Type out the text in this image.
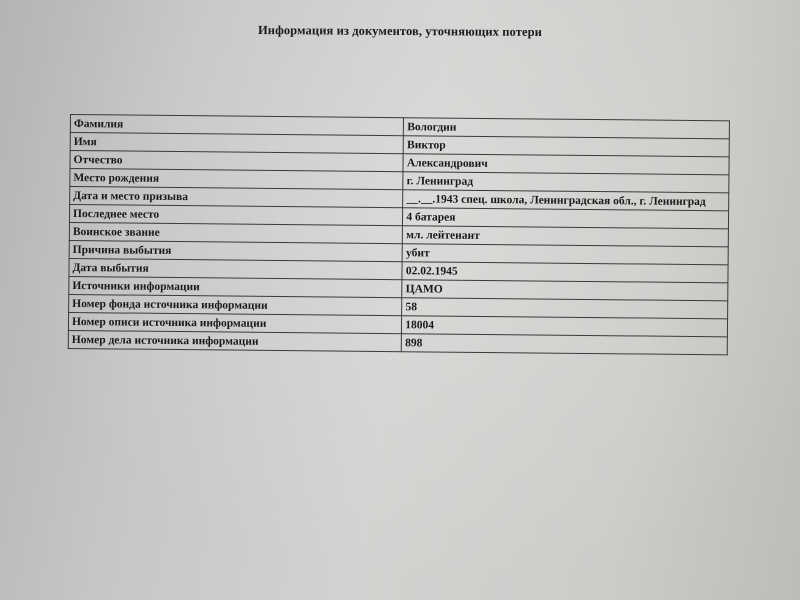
Информация из документов, уточняющих потери
Фамилия	Вологдин
Имя	Виктор
Отчество	Александрович
Место рождения	г. Ленинград
Дата и место призыва	__.__.1943 спец. школа, Ленинградская обл., г. Ленинград
Последнее место	4 батарея
Воинское звание	мл. лейтенант
Причина выбытия	убит
Дата выбытия	02.02.1945
Источники информации	ЦАМО
Номер фонда источника информации	58
Номер описи источника информации	18004
Номер дела источника информации	898
